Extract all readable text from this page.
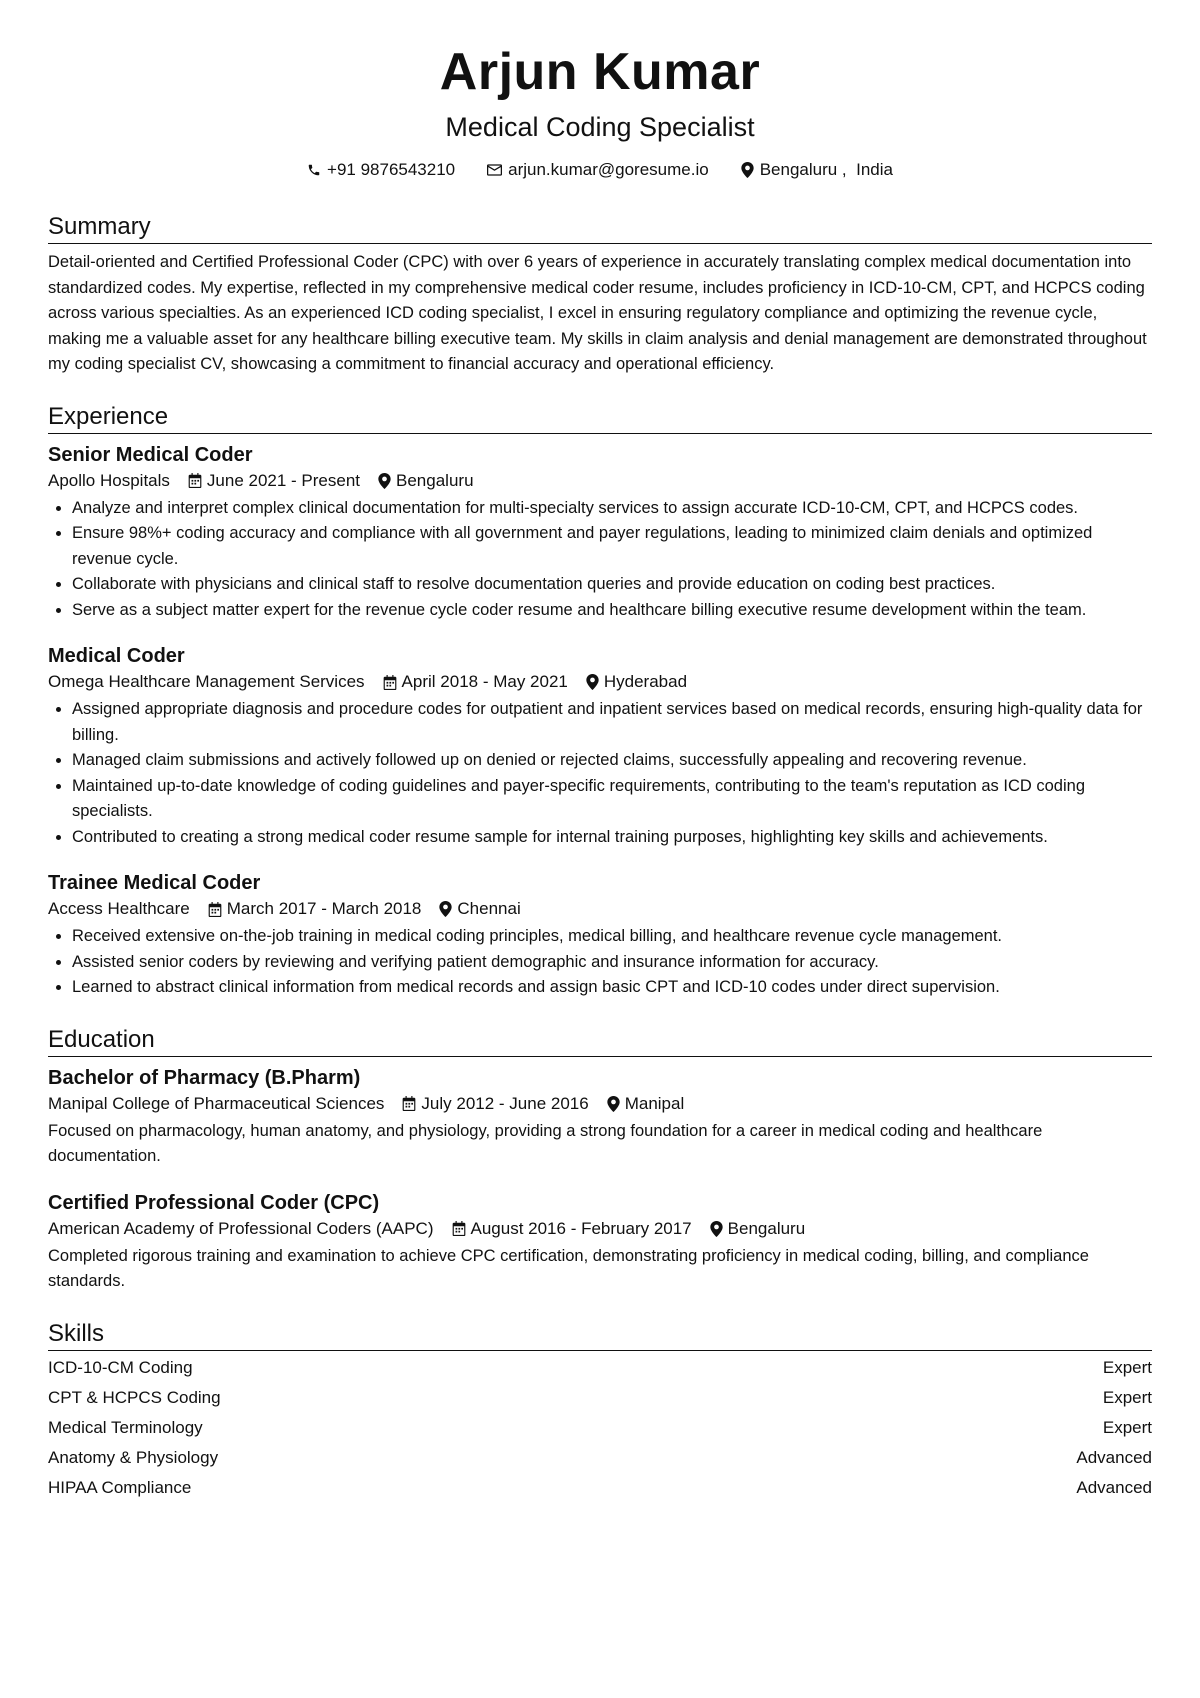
Arjun Kumar
Medical Coding Specialist
+91 9876543210	arjun.kumar@goresume.io	Bengaluru ,  India
Summary

Detail-oriented and Certified Professional Coder (CPC) with over 6 years of experience in accurately translating complex medical documentation into standardized codes. My expertise, reflected in my comprehensive medical coder resume, includes proficiency in ICD-10-CM, CPT, and HCPCS coding across various specialties. As an experienced ICD coding specialist, I excel in ensuring regulatory compliance and optimizing the revenue cycle, making me a valuable asset for any healthcare billing executive team. My skills in claim analysis and denial management are demonstrated throughout my coding specialist CV, showcasing a commitment to financial accuracy and operational efficiency.

Experience
Senior Medical Coder
Apollo Hospitals June 2021 - Present Bengaluru
• Analyze and interpret complex clinical documentation for multi-specialty services to assign accurate ICD-10-CM, CPT, and HCPCS codes.
• Ensure 98%+ coding accuracy and compliance with all government and payer regulations, leading to minimized claim denials and optimized revenue cycle.
• Collaborate with physicians and clinical staff to resolve documentation queries and provide education on coding best practices.
• Serve as a subject matter expert for the revenue cycle coder resume and healthcare billing executive resume development within the team.
Medical Coder
Omega Healthcare Management Services April 2018 - May 2021 Hyderabad
• Assigned appropriate diagnosis and procedure codes for outpatient and inpatient services based on medical records, ensuring high-quality data for billing.
• Managed claim submissions and actively followed up on denied or rejected claims, successfully appealing and recovering revenue.
• Maintained up-to-date knowledge of coding guidelines and payer-specific requirements, contributing to the team's reputation as ICD coding specialists.
• Contributed to creating a strong medical coder resume sample for internal training purposes, highlighting key skills and achievements.
Trainee Medical Coder
Access Healthcare March 2017 - March 2018 Chennai
• Received extensive on-the-job training in medical coding principles, medical billing, and healthcare revenue cycle management.
• Assisted senior coders by reviewing and verifying patient demographic and insurance information for accuracy.
• Learned to abstract clinical information from medical records and assign basic CPT and ICD-10 codes under direct supervision.
Education
Bachelor of Pharmacy (B.Pharm)
Manipal College of Pharmaceutical Sciences July 2012 - June 2016 Manipal

Focused on pharmacology, human anatomy, and physiology, providing a strong foundation for a career in medical coding and healthcare documentation.

Certified Professional Coder (CPC)
American Academy of Professional Coders (AAPC) August 2016 - February 2017 Bengaluru

Completed rigorous training and examination to achieve CPC certification, demonstrating proficiency in medical coding, billing, and compliance standards.

Skills
ICD-10-CM Coding	Expert
CPT & HCPCS Coding	Expert
Medical Terminology	Expert
Anatomy & Physiology	Advanced
HIPAA Compliance	Advanced
